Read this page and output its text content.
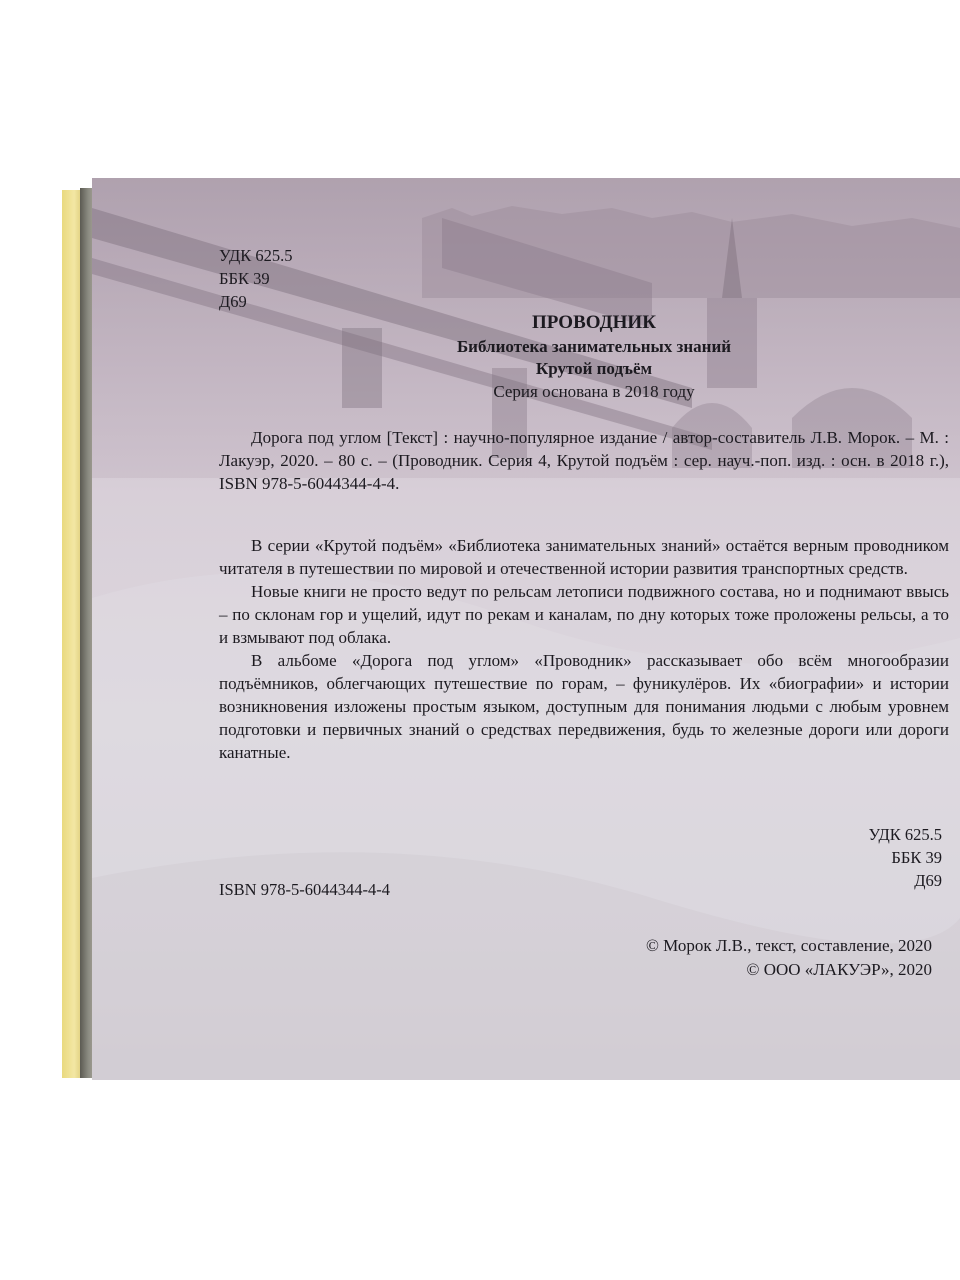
УДК 625.5
ББК 39
Д69
ПРОВОДНИК
Библиотека занимательных знаний
Крутой подъём
Серия основана в 2018 году
Дорога под углом [Текст] : научно-популярное издание / автор-составитель Л.В. Морок. – М. : Лакуэр, 2020. – 80 с. – (Проводник. Серия 4, Крутой подъём : сер. науч.-поп. изд. : осн. в 2018 г.), ISBN 978-5-6044344-4-4.

В серии «Крутой подъём» «Библиотека занимательных знаний» остаётся верным проводником читателя в путешествии по мировой и отечественной истории развития транспортных средств.

Новые книги не просто ведут по рельсам летописи подвижного состава, но и поднимают ввысь – по склонам гор и ущелий, идут по рекам и каналам, по дну которых тоже проложены рельсы, а то и взмывают под облака.

В альбоме «Дорога под углом» «Проводник» рассказывает обо всём многообразии подъёмников, облегчающих путешествие по горам, – фуникулёров. Их «биографии» и истории возникновения изложены простым языком, доступным для понимания людьми с любым уровнем подготовки и первичных знаний о средствах передвижения, будь то железные дороги или дороги канатные.

УДК 625.5
ББК 39
Д69
ISBN 978-5-6044344-4-4
© Морок Л.В., текст, составление, 2020
© ООО «ЛАКУЭР», 2020
